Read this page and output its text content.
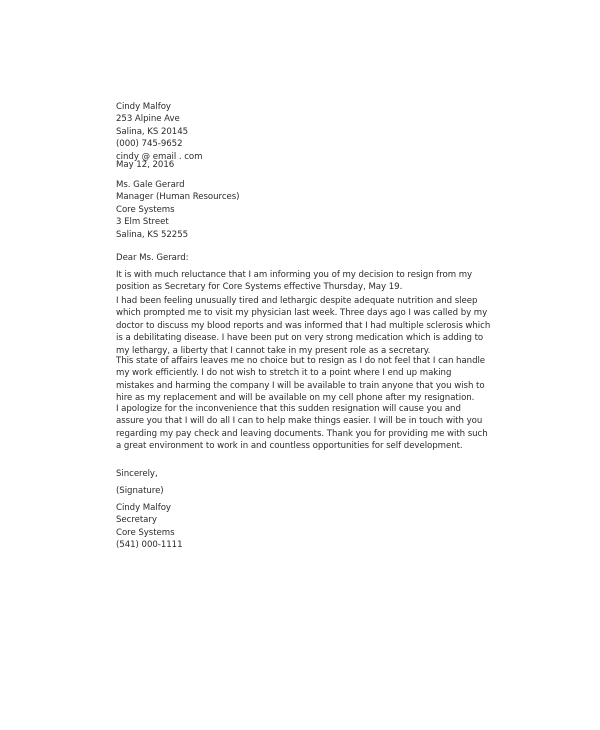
Cindy Malfoy
253 Alpine Ave
Salina, KS 20145
(000) 745-9652
cindy @ email . com
May 12, 2016
Ms. Gale Gerard
Manager (Human Resources)
Core Systems
3 Elm Street
Salina, KS 52255
Dear Ms. Gerard:

It is with much reluctance that I am informing you of my decision to resign from my position as Secretary for Core Systems effective Thursday, May 19.

I had been feeling unusually tired and lethargic despite adequate nutrition and sleep which prompted me to visit my physician last week. Three days ago I was called by my doctor to discuss my blood reports and was informed that I had multiple sclerosis which is a debilitating disease. I have been put on very strong medication which is adding to my lethargy, a liberty that I cannot take in my present role as a secretary.

This state of affairs leaves me no choice but to resign as I do not feel that I can handle my work efficiently. I do not wish to stretch it to a point where I end up making mistakes and harming the company I will be available to train anyone that you wish to hire as my replacement and will be available on my cell phone after my resignation.

I apologize for the inconvenience that this sudden resignation will cause you and assure you that I will do all I can to help make things easier. I will be in touch with you regarding my pay check and leaving documents. Thank you for providing me with such a great environment to work in and countless opportunities for self development.

Sincerely,
(Signature)
Cindy Malfoy
Secretary
Core Systems
(541) 000-1111
